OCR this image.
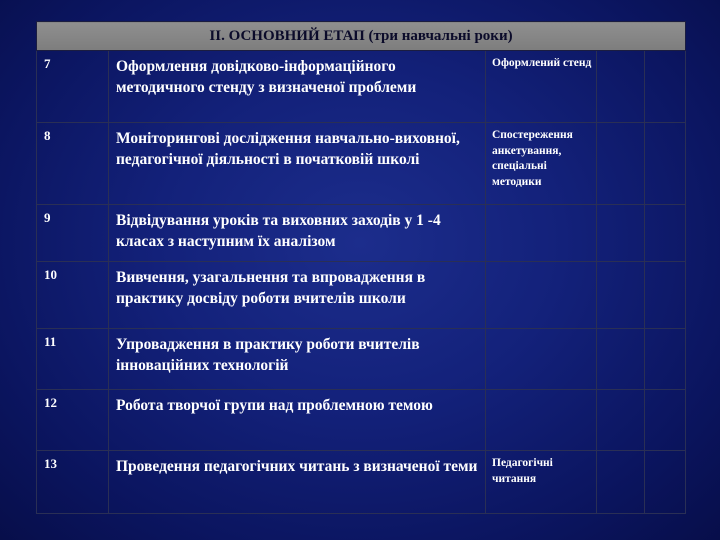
ІІ. ОСНОВНИЙ ЕТАП (три навчальні роки)				
7	Оформлення довідково-інформаційного методичного стенду з визначеної проблеми	Оформлений стенд		
8	Моніторингові дослідження навчально-виховної, педагогічної діяльності в початковій школі	Спостереження анкетування, спеціальні методики		
9	Відвідування уроків та виховних заходів у 1 -4 класах з наступним їх аналізом			
10	Вивчення, узагальнення та впровадження в практику досвіду роботи вчителів школи			
11	Упровадження в практику роботи вчителів інноваційних технологій			
12	Робота творчої групи над проблемною темою			
13	Проведення педагогічних читань з визначеної теми	Педагогічні читання		
